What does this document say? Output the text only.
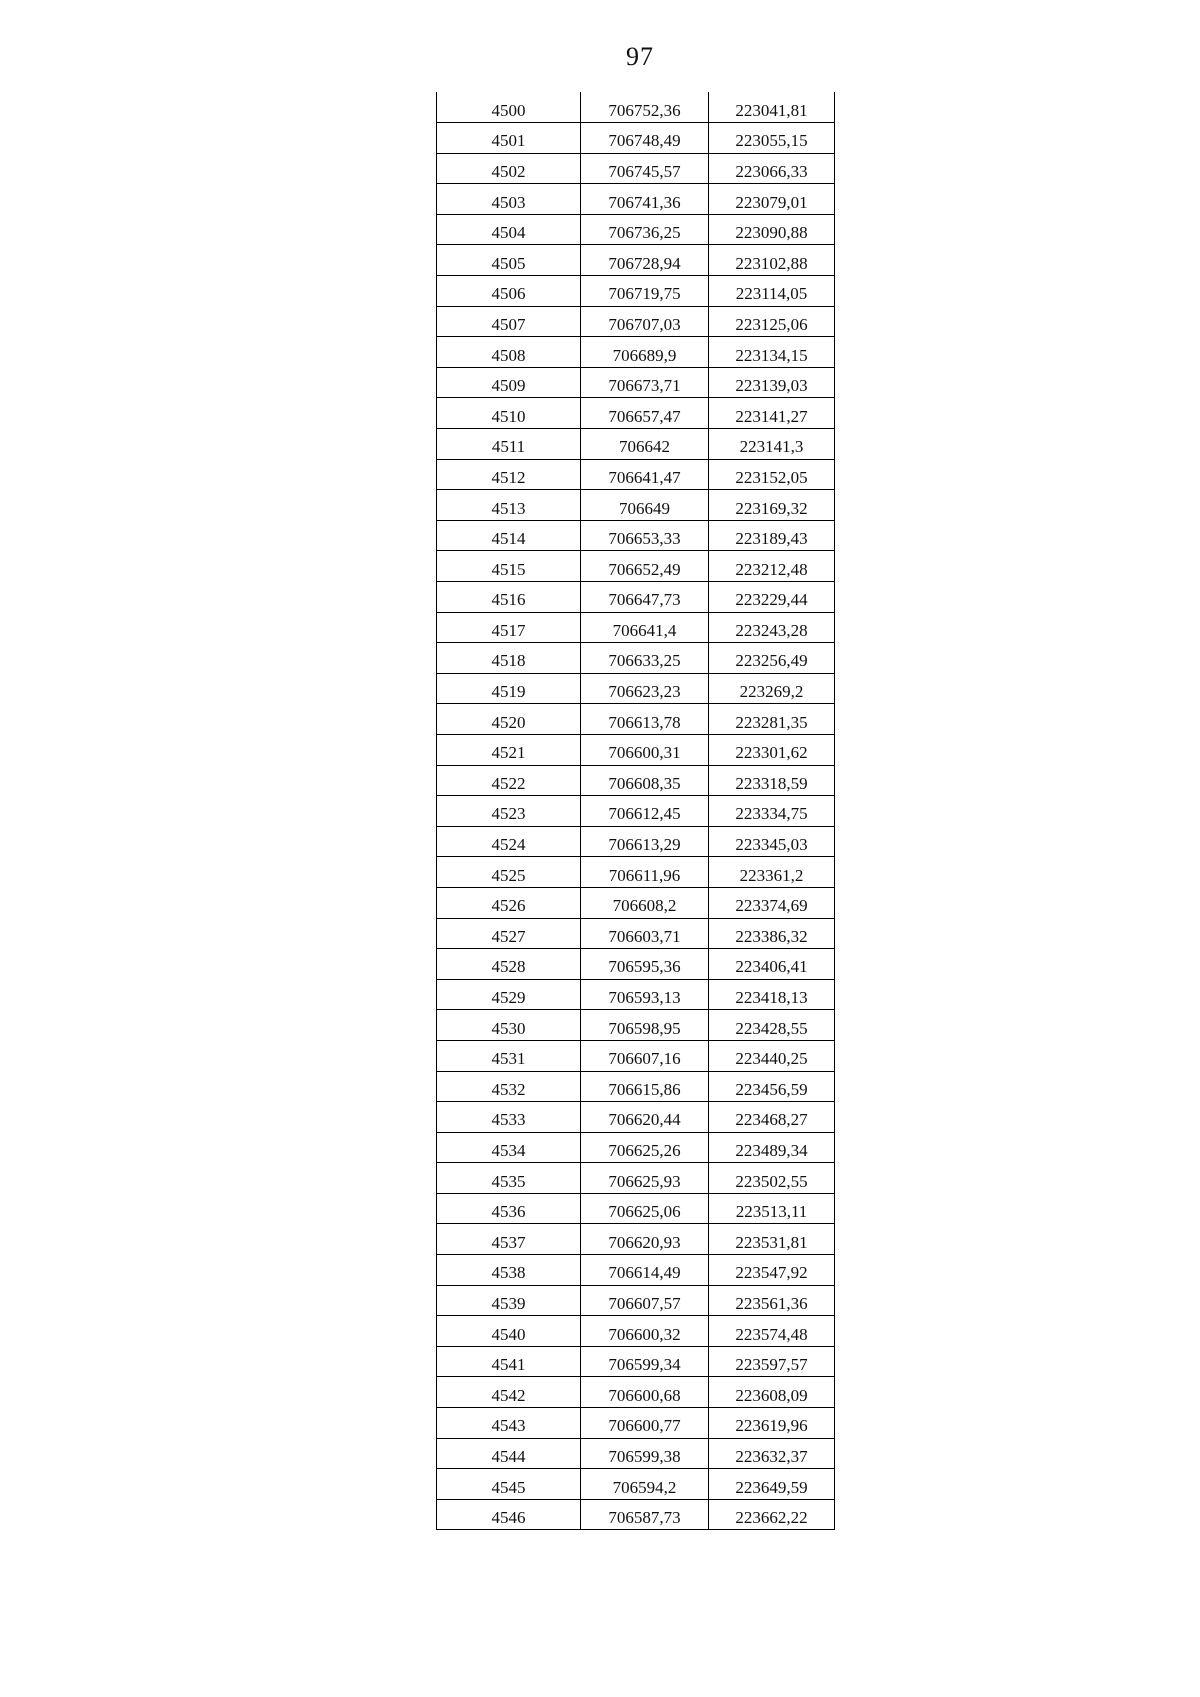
97
4500	706752,36	223041,81
4501	706748,49	223055,15
4502	706745,57	223066,33
4503	706741,36	223079,01
4504	706736,25	223090,88
4505	706728,94	223102,88
4506	706719,75	223114,05
4507	706707,03	223125,06
4508	706689,9	223134,15
4509	706673,71	223139,03
4510	706657,47	223141,27
4511	706642	223141,3
4512	706641,47	223152,05
4513	706649	223169,32
4514	706653,33	223189,43
4515	706652,49	223212,48
4516	706647,73	223229,44
4517	706641,4	223243,28
4518	706633,25	223256,49
4519	706623,23	223269,2
4520	706613,78	223281,35
4521	706600,31	223301,62
4522	706608,35	223318,59
4523	706612,45	223334,75
4524	706613,29	223345,03
4525	706611,96	223361,2
4526	706608,2	223374,69
4527	706603,71	223386,32
4528	706595,36	223406,41
4529	706593,13	223418,13
4530	706598,95	223428,55
4531	706607,16	223440,25
4532	706615,86	223456,59
4533	706620,44	223468,27
4534	706625,26	223489,34
4535	706625,93	223502,55
4536	706625,06	223513,11
4537	706620,93	223531,81
4538	706614,49	223547,92
4539	706607,57	223561,36
4540	706600,32	223574,48
4541	706599,34	223597,57
4542	706600,68	223608,09
4543	706600,77	223619,96
4544	706599,38	223632,37
4545	706594,2	223649,59
4546	706587,73	223662,22
